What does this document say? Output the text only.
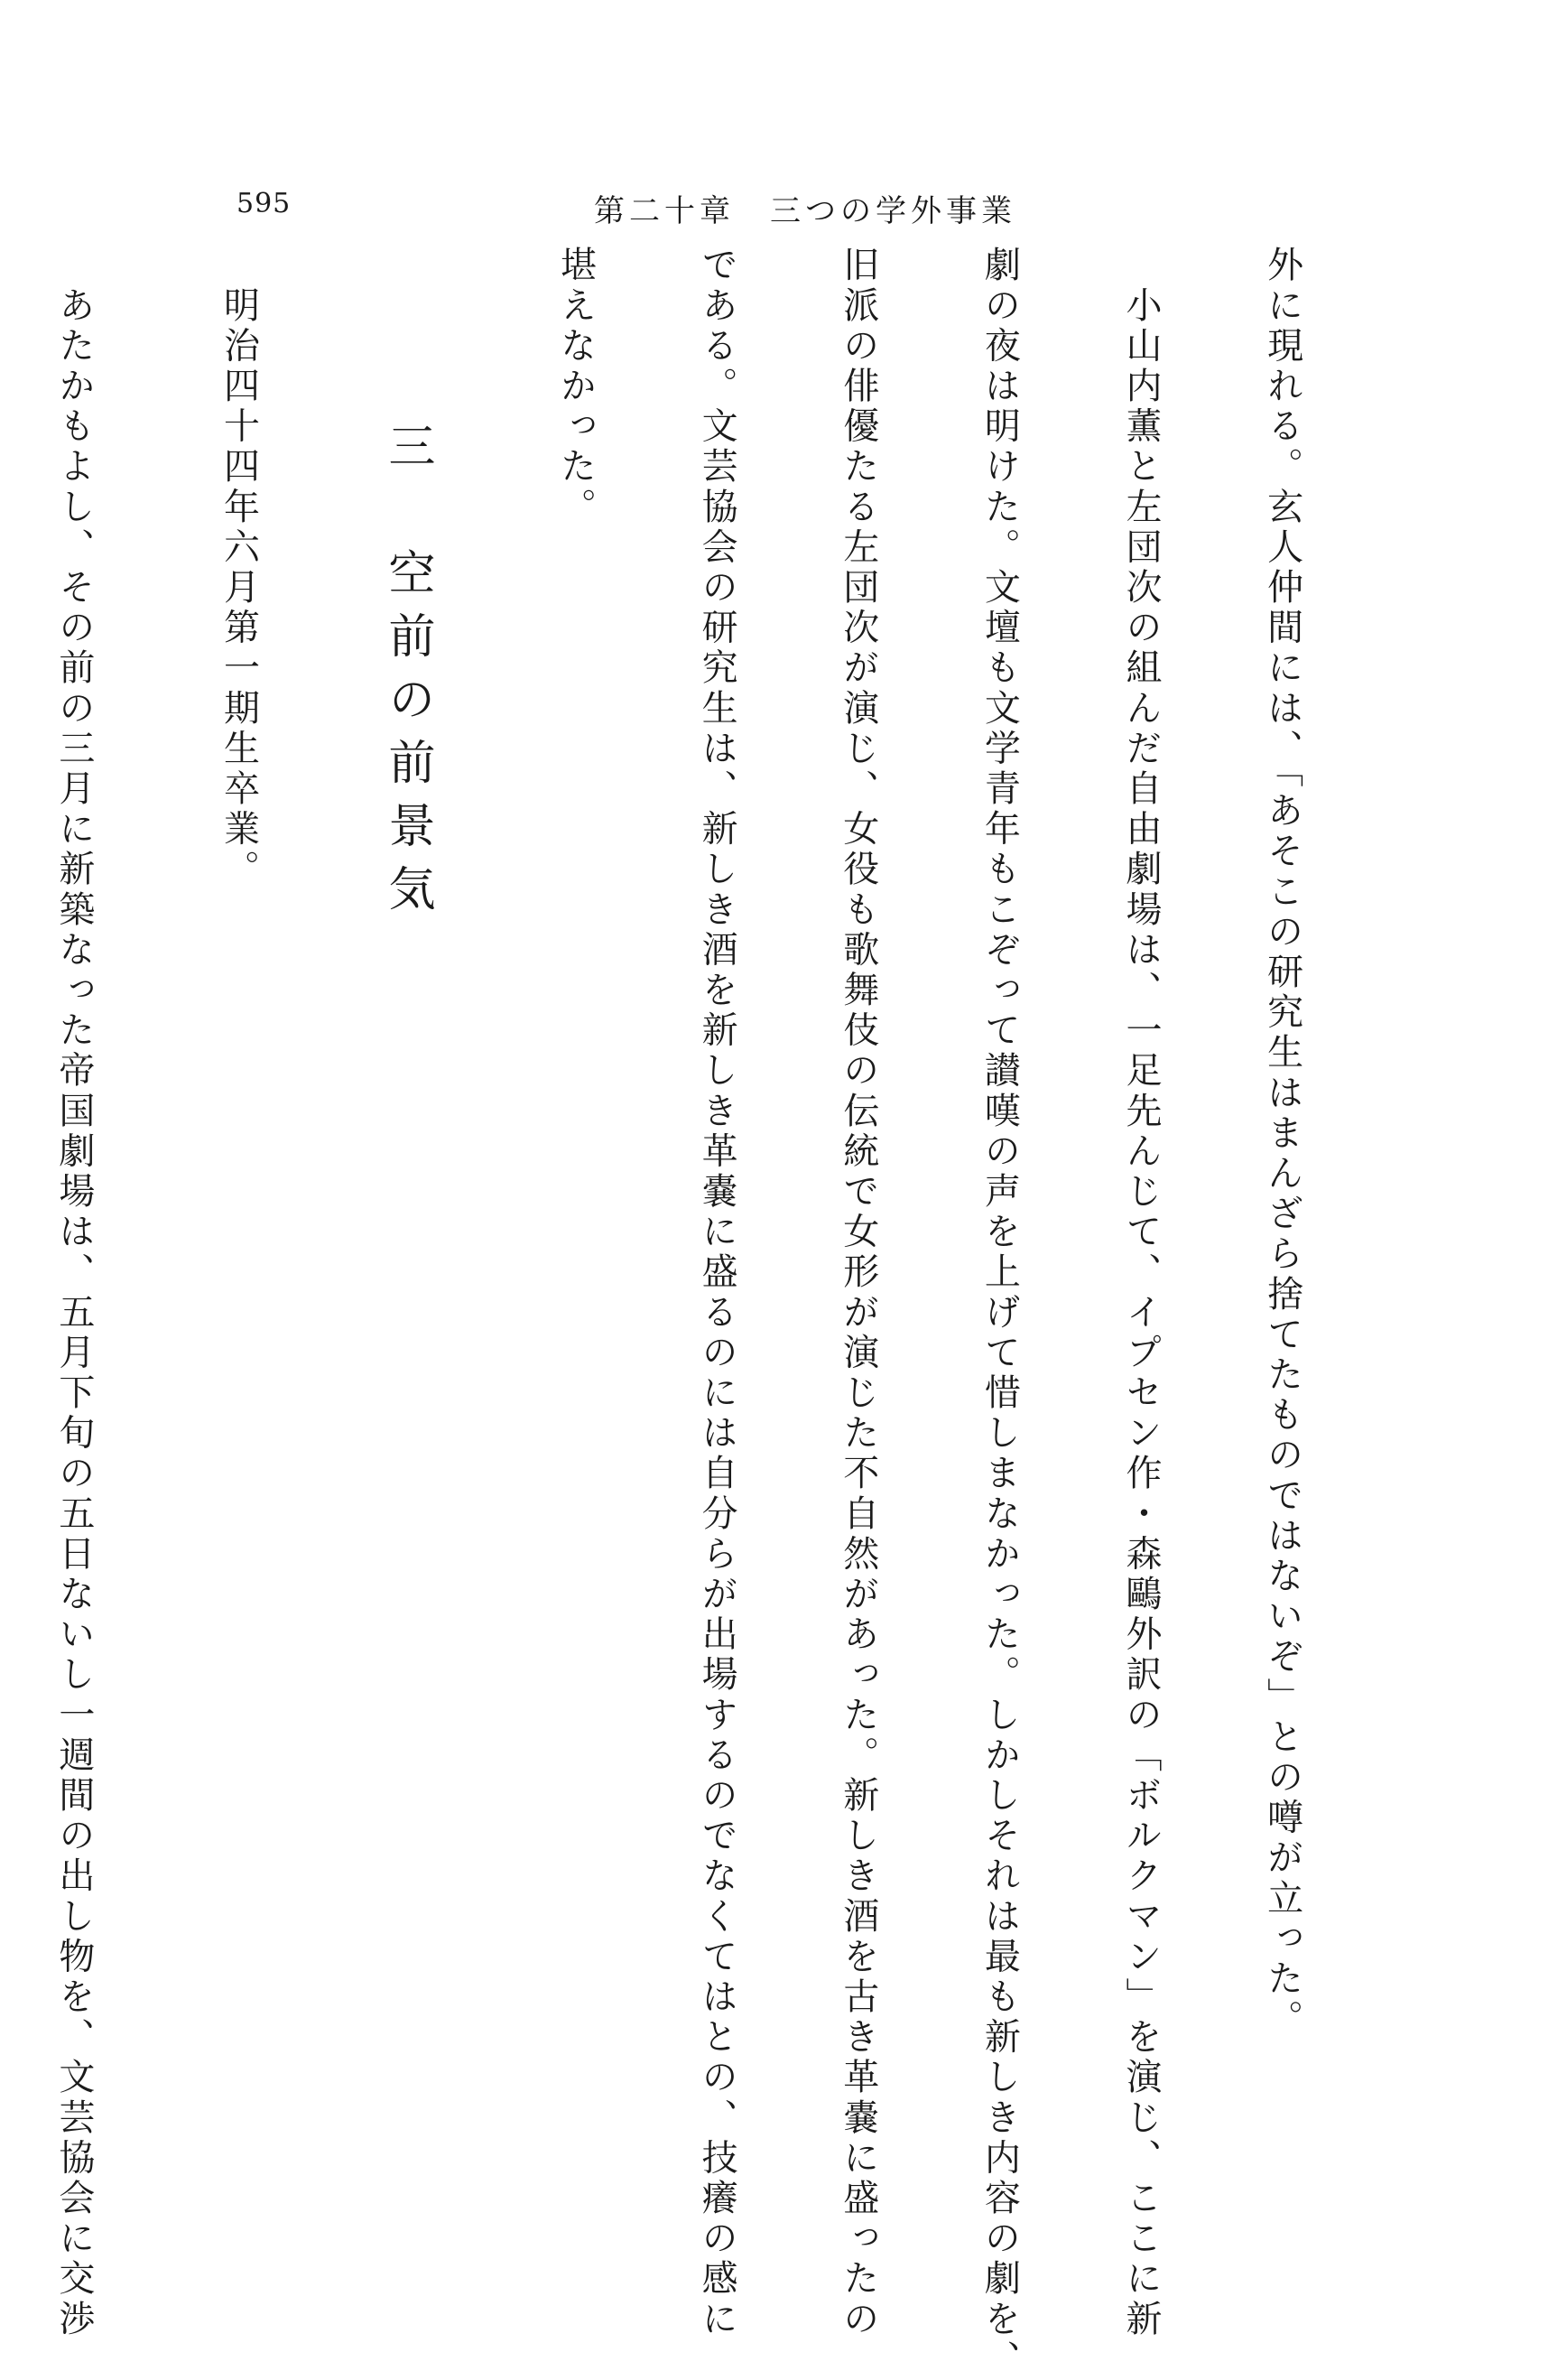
595	第二十章　三つの学外事業

外に現れる。玄人仲間には、「あそこの研究生はまんざら捨てたものではないぞ」との噂が立った。

　小山内薫と左団次の組んだ自由劇場は、一足先んじて、イプセン作・森鷗外訳の「ボルクマン」を演じ、ここに新

劇の夜は明けた。文壇も文学青年もこぞって讃嘆の声を上げて惜しまなかった。しかしそれは最も新しき内容の劇を、

旧派の俳優たる左団次が演じ、女役も歌舞伎の伝統で女形が演じた不自然があった。新しき酒を古き革嚢に盛ったの

である。文芸協会の研究生は、新しき酒を新しき革嚢に盛るのには自分らが出場するのでなくてはとの、技癢の感に

堪えなかった。

三　空前の前景気

　明治四十四年六月第一期生卒業。

　あたかもよし、その前の三月に新築なった帝国劇場は、五月下旬の五日ないし一週間の出し物を、文芸協会に交渉
